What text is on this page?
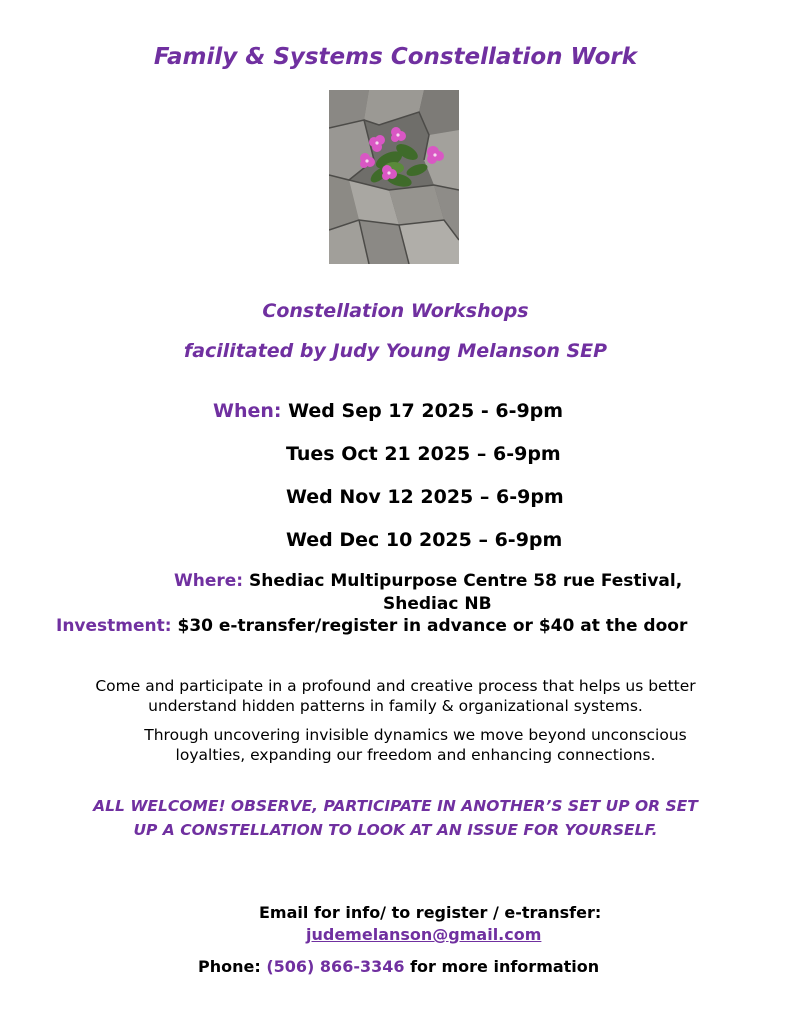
Family & Systems Constellation Work
Constellation Workshops
facilitated by Judy Young Melanson SEP
When: Wed Sep 17 2025 - 6-9pm
Tues Oct 21 2025 – 6-9pm
Wed Nov 12 2025 – 6-9pm
Wed Dec 10 2025 – 6-9pm
Where: Shediac Multipurpose Centre 58 rue Festival,
Shediac NB
Investment: $30 e-transfer/register in advance or $40 at the door
Come and participate in a profound and creative process that helps us better
understand hidden patterns in family & organizational systems.
Through uncovering invisible dynamics we move beyond unconscious
loyalties, expanding our freedom and enhancing connections.
ALL WELCOME! OBSERVE, PARTICIPATE IN ANOTHER’S SET UP OR SET
UP A CONSTELLATION TO LOOK AT AN ISSUE FOR YOURSELF.
Email for info/ to register / e-transfer:
judemelanson@gmail.com
Phone: (506) 866-3346 for more information
